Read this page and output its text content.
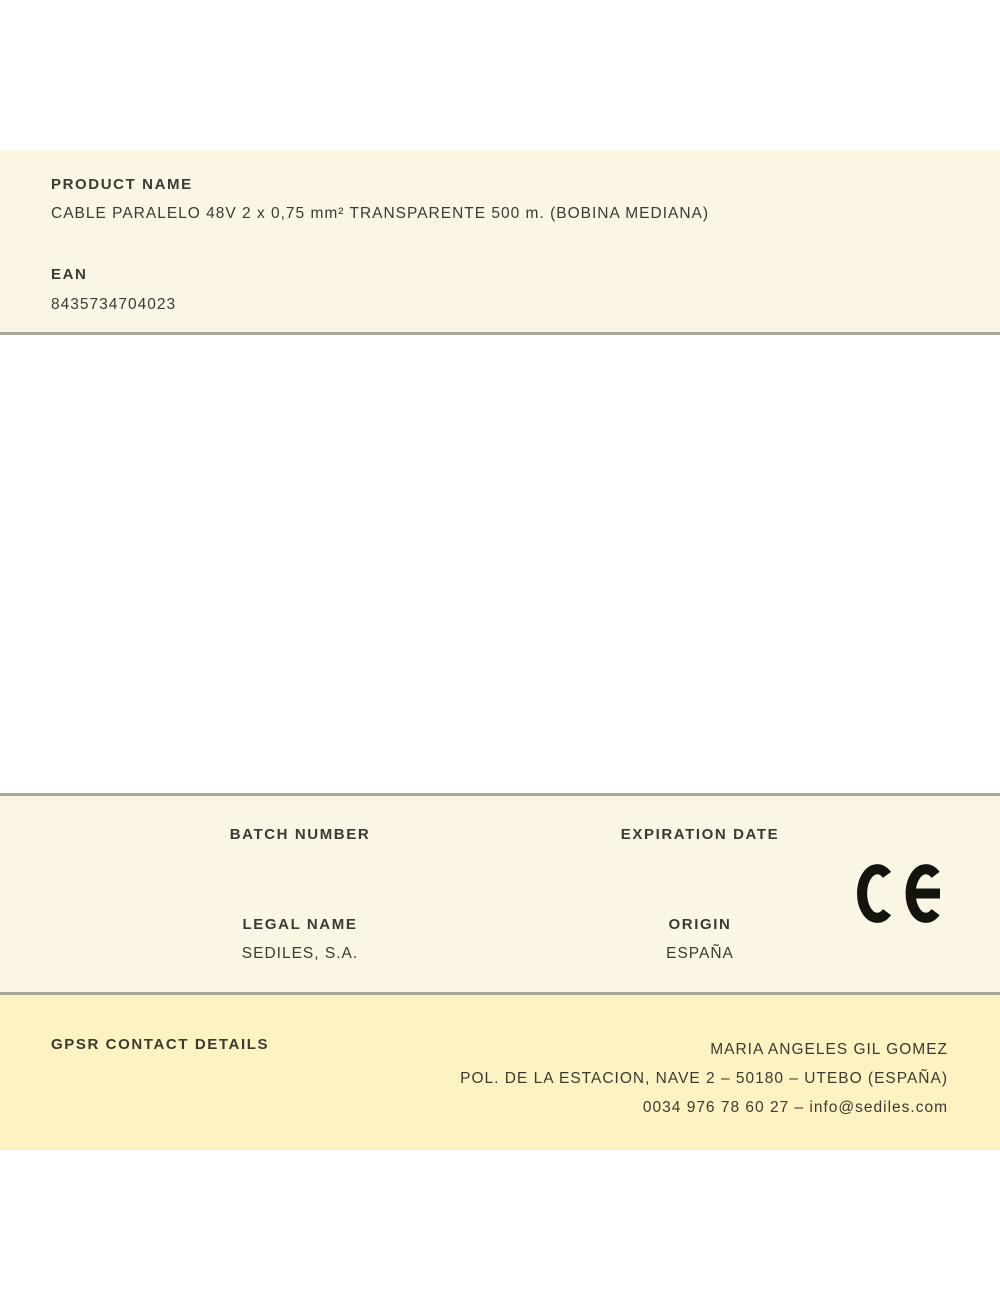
PRODUCT NAME
CABLE PARALELO 48V 2 x 0,75 mm² TRANSPARENTE 500 m. (BOBINA MEDIANA)
EAN
8435734704023
BATCH NUMBER
LEGAL NAME
SEDILES, S.A.
EXPIRATION DATE
ORIGIN
ESPAÑA
GPSR CONTACT DETAILS	MARIA ANGELES GIL GOMEZ
POL. DE LA ESTACION, NAVE 2 – 50180 – UTEBO (ESPAÑA)
0034 976 78 60 27 – info@sediles.com
